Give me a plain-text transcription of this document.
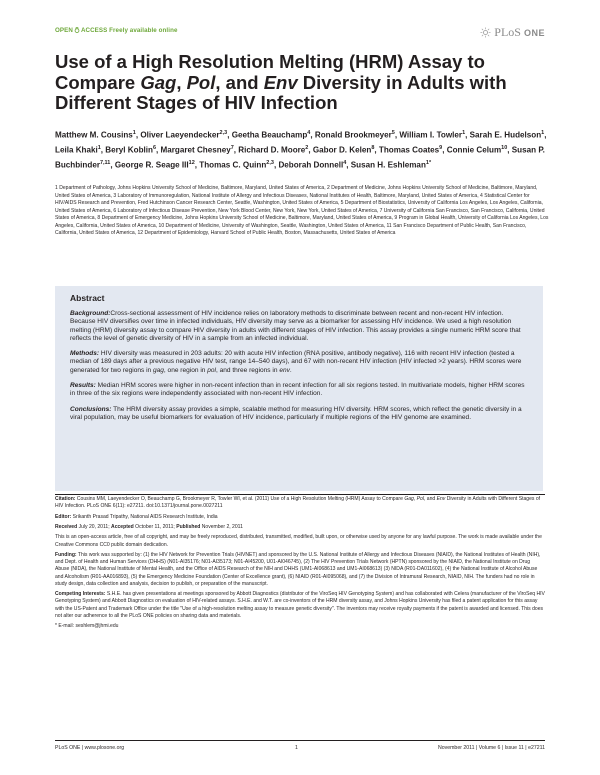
OPEN ACCESS Freely available online	PLoS ONE
Use of a High Resolution Melting (HRM) Assay to Compare Gag, Pol, and Env Diversity in Adults with Different Stages of HIV Infection

Matthew M. Cousins$^1$, Oliver Laeyendecker$^{2,3}$, Geetha Beauchamp$^4$, Ronald Brookmeyer$^5$, William I. Towler$^1$, Sarah E. Hudelson$^1$, Leila Khaki$^1$, Beryl Koblin$^6$, Margaret Chesney$^7$, Richard D. Moore$^2$, Gabor D. Kelen$^8$, Thomas Coates$^9$, Connie Celum$^{10}$, Susan P. Buchbinder$^{7,11}$, George R. Seage III$^{12}$, Thomas C. Quinn$^{2,3}$, Deborah Donnell$^4$, Susan H. Eshleman$^{1*}$

1 Department of Pathology, Johns Hopkins University School of Medicine, Baltimore, Maryland, United States of America, 2 Department of Medicine, Johns Hopkins University School of Medicine, Baltimore, Maryland, United States of America, 3 Laboratory of Immunoregulation, National Institute of Allergy and Infectious Diseases, National Institutes of Health, Baltimore, Maryland, United States of America, 4 Statistical Center for HIV/AIDS Research and Prevention, Fred Hutchinson Cancer Research Center, Seattle, Washington, United States of America, 5 Department of Biostatistics, University of California Los Angeles, Los Angeles, California, United States of America, 6 Laboratory of Infectious Disease Prevention, New York Blood Center, New York, New York, United States of America, 7 University of California San Francisco, San Francisco, California, United States of America, 8 Department of Emergency Medicine, Johns Hopkins University School of Medicine, Baltimore, Maryland, United States of America, 9 Program in Global Health, University of California Los Angeles, Los Angeles, California, United States of America, 10 Department of Medicine, University of Washington, Seattle, Washington, United States of America, 11 San Francisco Department of Public Health, San Francisco, California, United States of America, 12 Department of Epidemiology, Harvard School of Public Health, Boston, Massachusetts, United States of America

Abstract

Background:Cross-sectional assessment of HIV incidence relies on laboratory methods to discriminate between recent and non-recent HIV infection. Because HIV diversifies over time in infected individuals, HIV diversity may serve as a biomarker for assessing HIV incidence. We used a high resolution melting (HRM) diversity assay to compare HIV diversity in adults with different stages of HIV infection. This assay provides a single numeric HRM score that reflects the level of genetic diversity of HIV in a sample from an infected individual.

Methods: HIV diversity was measured in 203 adults: 20 with acute HIV infection (RNA positive, antibody negative), 116 with recent HIV infection (tested a median of 189 days after a previous negative HIV test, range 14–540 days), and 67 with non-recent HIV infection (HIV infected >2 years). HRM scores were generated for two regions in gag, one region in pol, and three regions in env.

Results: Median HRM scores were higher in non-recent infection than in recent infection for all six regions tested. In multivariate models, higher HRM scores in three of the six regions were independently associated with non-recent HIV infection.

Conclusions: The HRM diversity assay provides a simple, scalable method for measuring HIV diversity. HRM scores, which reflect the genetic diversity in a viral population, may be useful biomarkers for evaluation of HIV incidence, particularly if multiple regions of the HIV genome are examined.

Citation: Cousins MM, Laeyendecker O, Beauchamp G, Brookmeyer R, Towler WI, et al. (2011) Use of a High Resolution Melting (HRM) Assay to Compare Gag, Pol, and Env Diversity in Adults with Different Stages of HIV Infection. PLoS ONE 6(11): e27211. doi:10.1371/journal.pone.0027211

Editor: Srikanth Prasad Tripathy, National AIDS Research Institute, India

Received July 20, 2011; Accepted October 11, 2011; Published November 2, 2011

This is an open-access article, free of all copyright, and may be freely reproduced, distributed, transmitted, modified, built upon, or otherwise used by anyone for any lawful purpose. The work is made available under the Creative Commons CC0 public domain dedication.

Funding: This work was supported by: (1) the HIV Network for Prevention Trials (HIVNET) and sponsored by the U.S. National Institute of Allergy and Infectious Diseases (NIAID), the National Institutes of Health (NIH), and Dept. of Health and Human Services (DHHS) (N01-AI35176; N01-AI35173; N01-AI45200, U01-AI046745), (2) The HIV Prevention Trials Network (HPTN) sponsored by the NIAID, the National Institute on Drug Abuse (NIDA), the National Institute of Mental Health, and the Office of AIDS Research of the NIH and DHHS (UM1-AI068613 and UM1-AI068613) (3) NIDA (R01-DA011602), (4) the National Institute of Alcohol Abuse and Alcoholism (R01-AA016893), (5) the Emergency Medicine Foundation (Center of Excellence grant), (6) NIAID (R01-AI095068), and (7) the Division of Intramural Research, NIAID, NIH. The funders had no role in study design, data collection and analysis, decision to publish, or preparation of the manuscript.

Competing Interests: S.H.E. has given presentations at meetings sponsored by Abbott Diagnostics (distributor of the ViroSeq HIV Genotyping System) and has collaborated with Celera (manufacturer of the ViroSeq HIV Genotyping System) and Abbott Diagnostics on evaluation of HIV-related assays. S.H.E. and W.T. are co-inventors of the HRM diversity assay, and Johns Hopkins University has filed a patent application for this assay with the US-Patent and Trademark Office under the title "Use of a high-resolution melting assay to measure genetic diversity". The inventors may receive royalty payments if the patent is awarded and licensed. This does not alter our adherence to all the PLoS ONE policies on sharing data and materials.

* E-mail: seshlem@jhmi.edu

PLoS ONE | www.plosone.org	1	November 2011 | Volume 6 | Issue 11 | e27211
